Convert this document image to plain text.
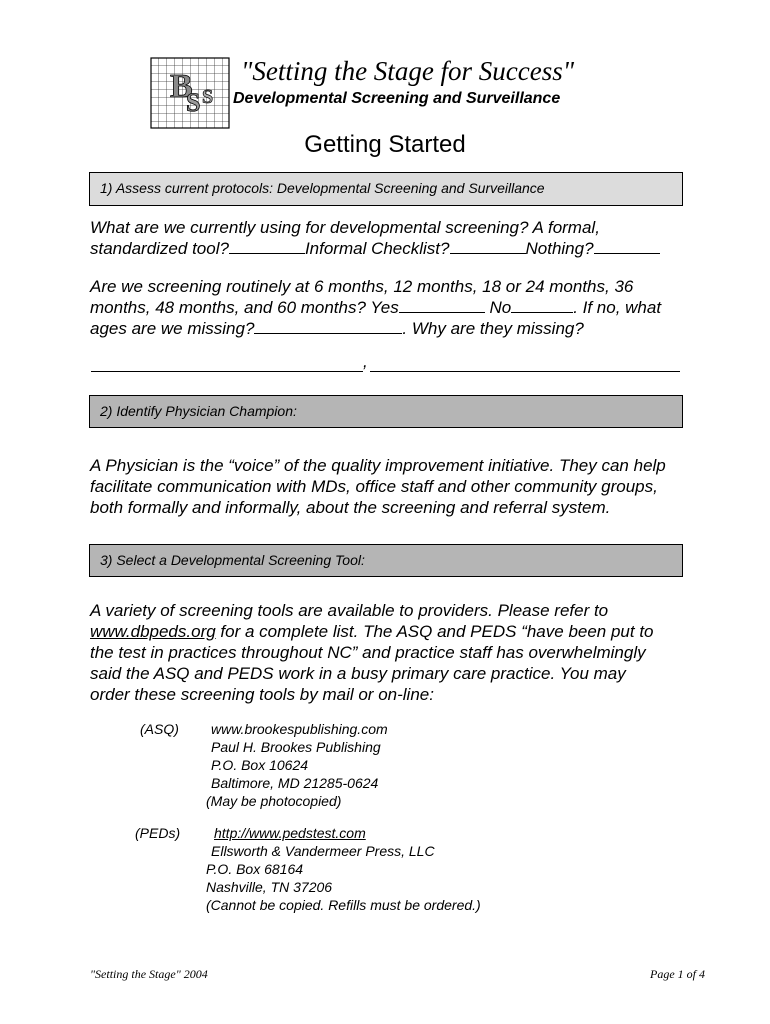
B
S S
"Setting the Stage for Success"
Developmental Screening and Surveillance
Getting Started
1) Assess current protocols: Developmental Screening and Surveillance
What are we currently using for developmental screening? A formal,
standardized tool?	Informal Checklist?	Nothing?
Are we screening routinely at 6 months, 12 months, 18 or 24 months, 36
months, 48 months, and 60 months? Yes	No	. If no, what
ages are we missing?	. Why are they missing?
,
2) Identify Physician Champion:
A Physician is the “voice” of the quality improvement initiative. They can help
facilitate communication with MDs, office staff and other community groups,
both formally and informally, about the screening and referral system.
3) Select a Developmental Screening Tool:
A variety of screening tools are available to providers. Please refer to
www.dbpeds.org for a complete list. The ASQ and PEDS “have been put to
the test in practices throughout NC” and practice staff has overwhelmingly
said the ASQ and PEDS work in a busy primary care practice. You may
order these screening tools by mail or on-line:
(ASQ) www.brookespublishing.com
Paul H. Brookes Publishing
P.O. Box 10624
Baltimore, MD 21285-0624
(May be photocopied)
(PEDs) http://www.pedstest.com
Ellsworth & Vandermeer Press, LLC
P.O. Box 68164
Nashville, TN 37206
(Cannot be copied. Refills must be ordered.)
"Setting the Stage" 2004	Page 1 of 4
